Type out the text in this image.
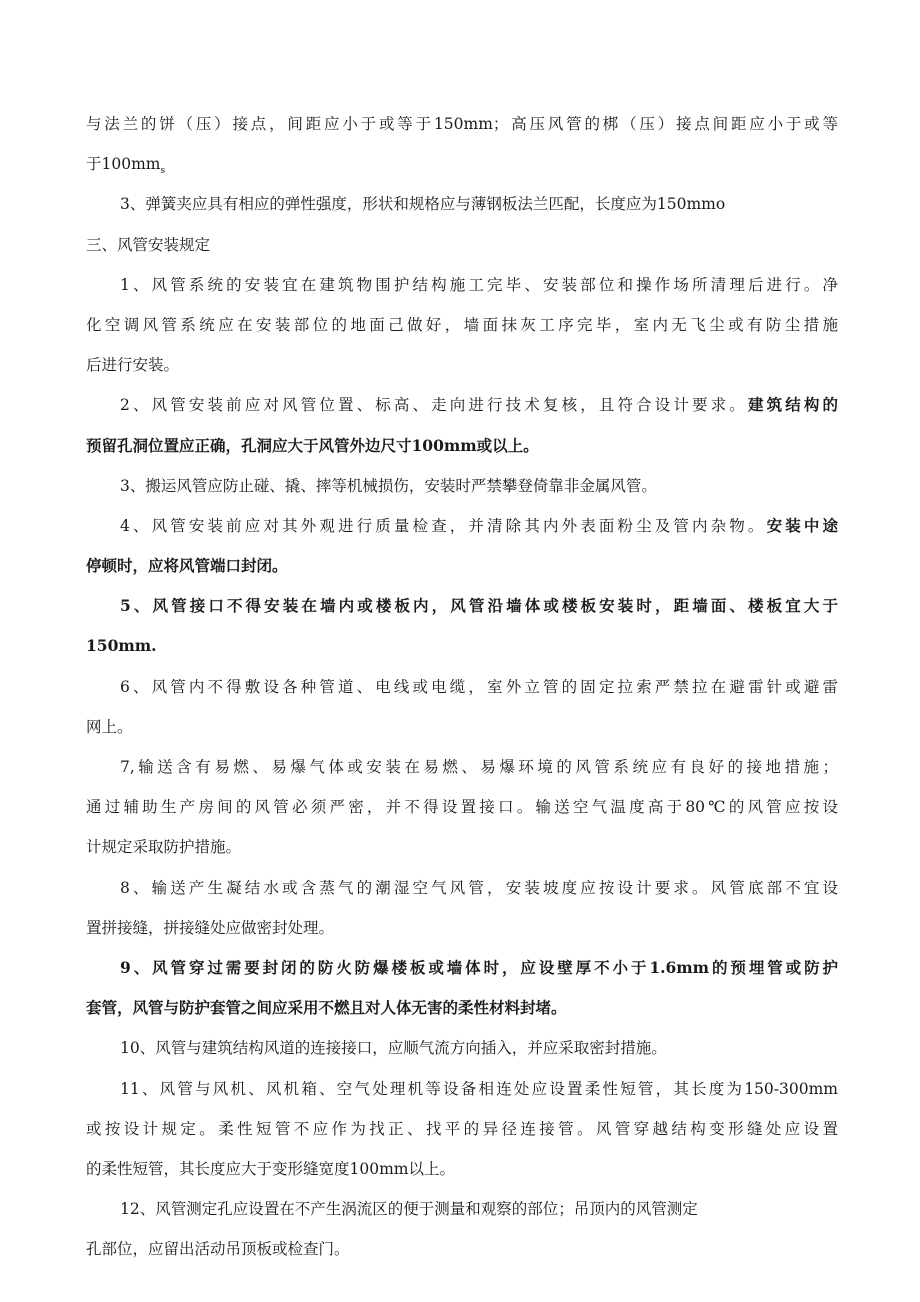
与法兰的饼（压）接点，间距应小于或等于150mm；高压风管的梆（压）接点间距应小于或等
于$100mm_s$
3、弹簧夹应具有相应的弹性强度，形状和规格应与薄钢板法兰匹配，长度应为150mmo
三、风管安装规定
1、风管系统的安装宜在建筑物围护结构施工完毕、安装部位和操作场所清理后进行。净
化空调风管系统应在安装部位的地面己做好，墙面抹灰工序完毕，室内无飞尘或有防尘措施
后进行安装。
2、风管安装前应对风管位置、标高、走向进行技术复核，且符合设计要求。建筑结构的
预留孔洞位置应正确，孔洞应大于风管外边尺寸100mm或以上。
3、搬运风管应防止碰、撬、摔等机械损伤，安装时严禁攀登倚靠非金属风管。
4、风管安装前应对其外观进行质量检查，并清除其内外表面粉尘及管内杂物。安装中途
停顿时，应将风管端口封闭。
5、风管接口不得安装在墙内或楼板内，风管沿墙体或楼板安装时，距墙面、楼板宜大于
150mm.
6、风管内不得敷设各种管道、电线或电缆，室外立管的固定拉索严禁拉在避雷针或避雷
网上。
7,输送含有易燃、易爆气体或安装在易燃、易爆环境的风管系统应有良好的接地措施；
通过辅助生产房间的风管必须严密，并不得设置接口。输送空气温度高于80℃的风管应按设
计规定采取防护措施。
8、输送产生凝结水或含蒸气的潮湿空气风管，安装坡度应按设计要求。风管底部不宜设
置拼接缝，拼接缝处应做密封处理。
9、风管穿过需要封闭的防火防爆楼板或墙体时，应设壁厚不小于1.6mm的预埋管或防护
套管，风管与防护套管之间应采用不燃且对人体无害的柔性材料封堵。
10、风管与建筑结构风道的连接接口，应顺气流方向插入，并应采取密封措施。
11、风管与风机、风机箱、空气处理机等设备相连处应设置柔性短管，其长度为150-300mm
或按设计规定。柔性短管不应作为找正、找平的异径连接管。风管穿越结构变形缝处应设置
的柔性短管，其长度应大于变形缝宽度100mm以上。
12、风管测定孔应设置在不产生涡流区的便于测量和观察的部位；吊顶内的风管测定
孔部位，应留出活动吊顶板或检查门。
